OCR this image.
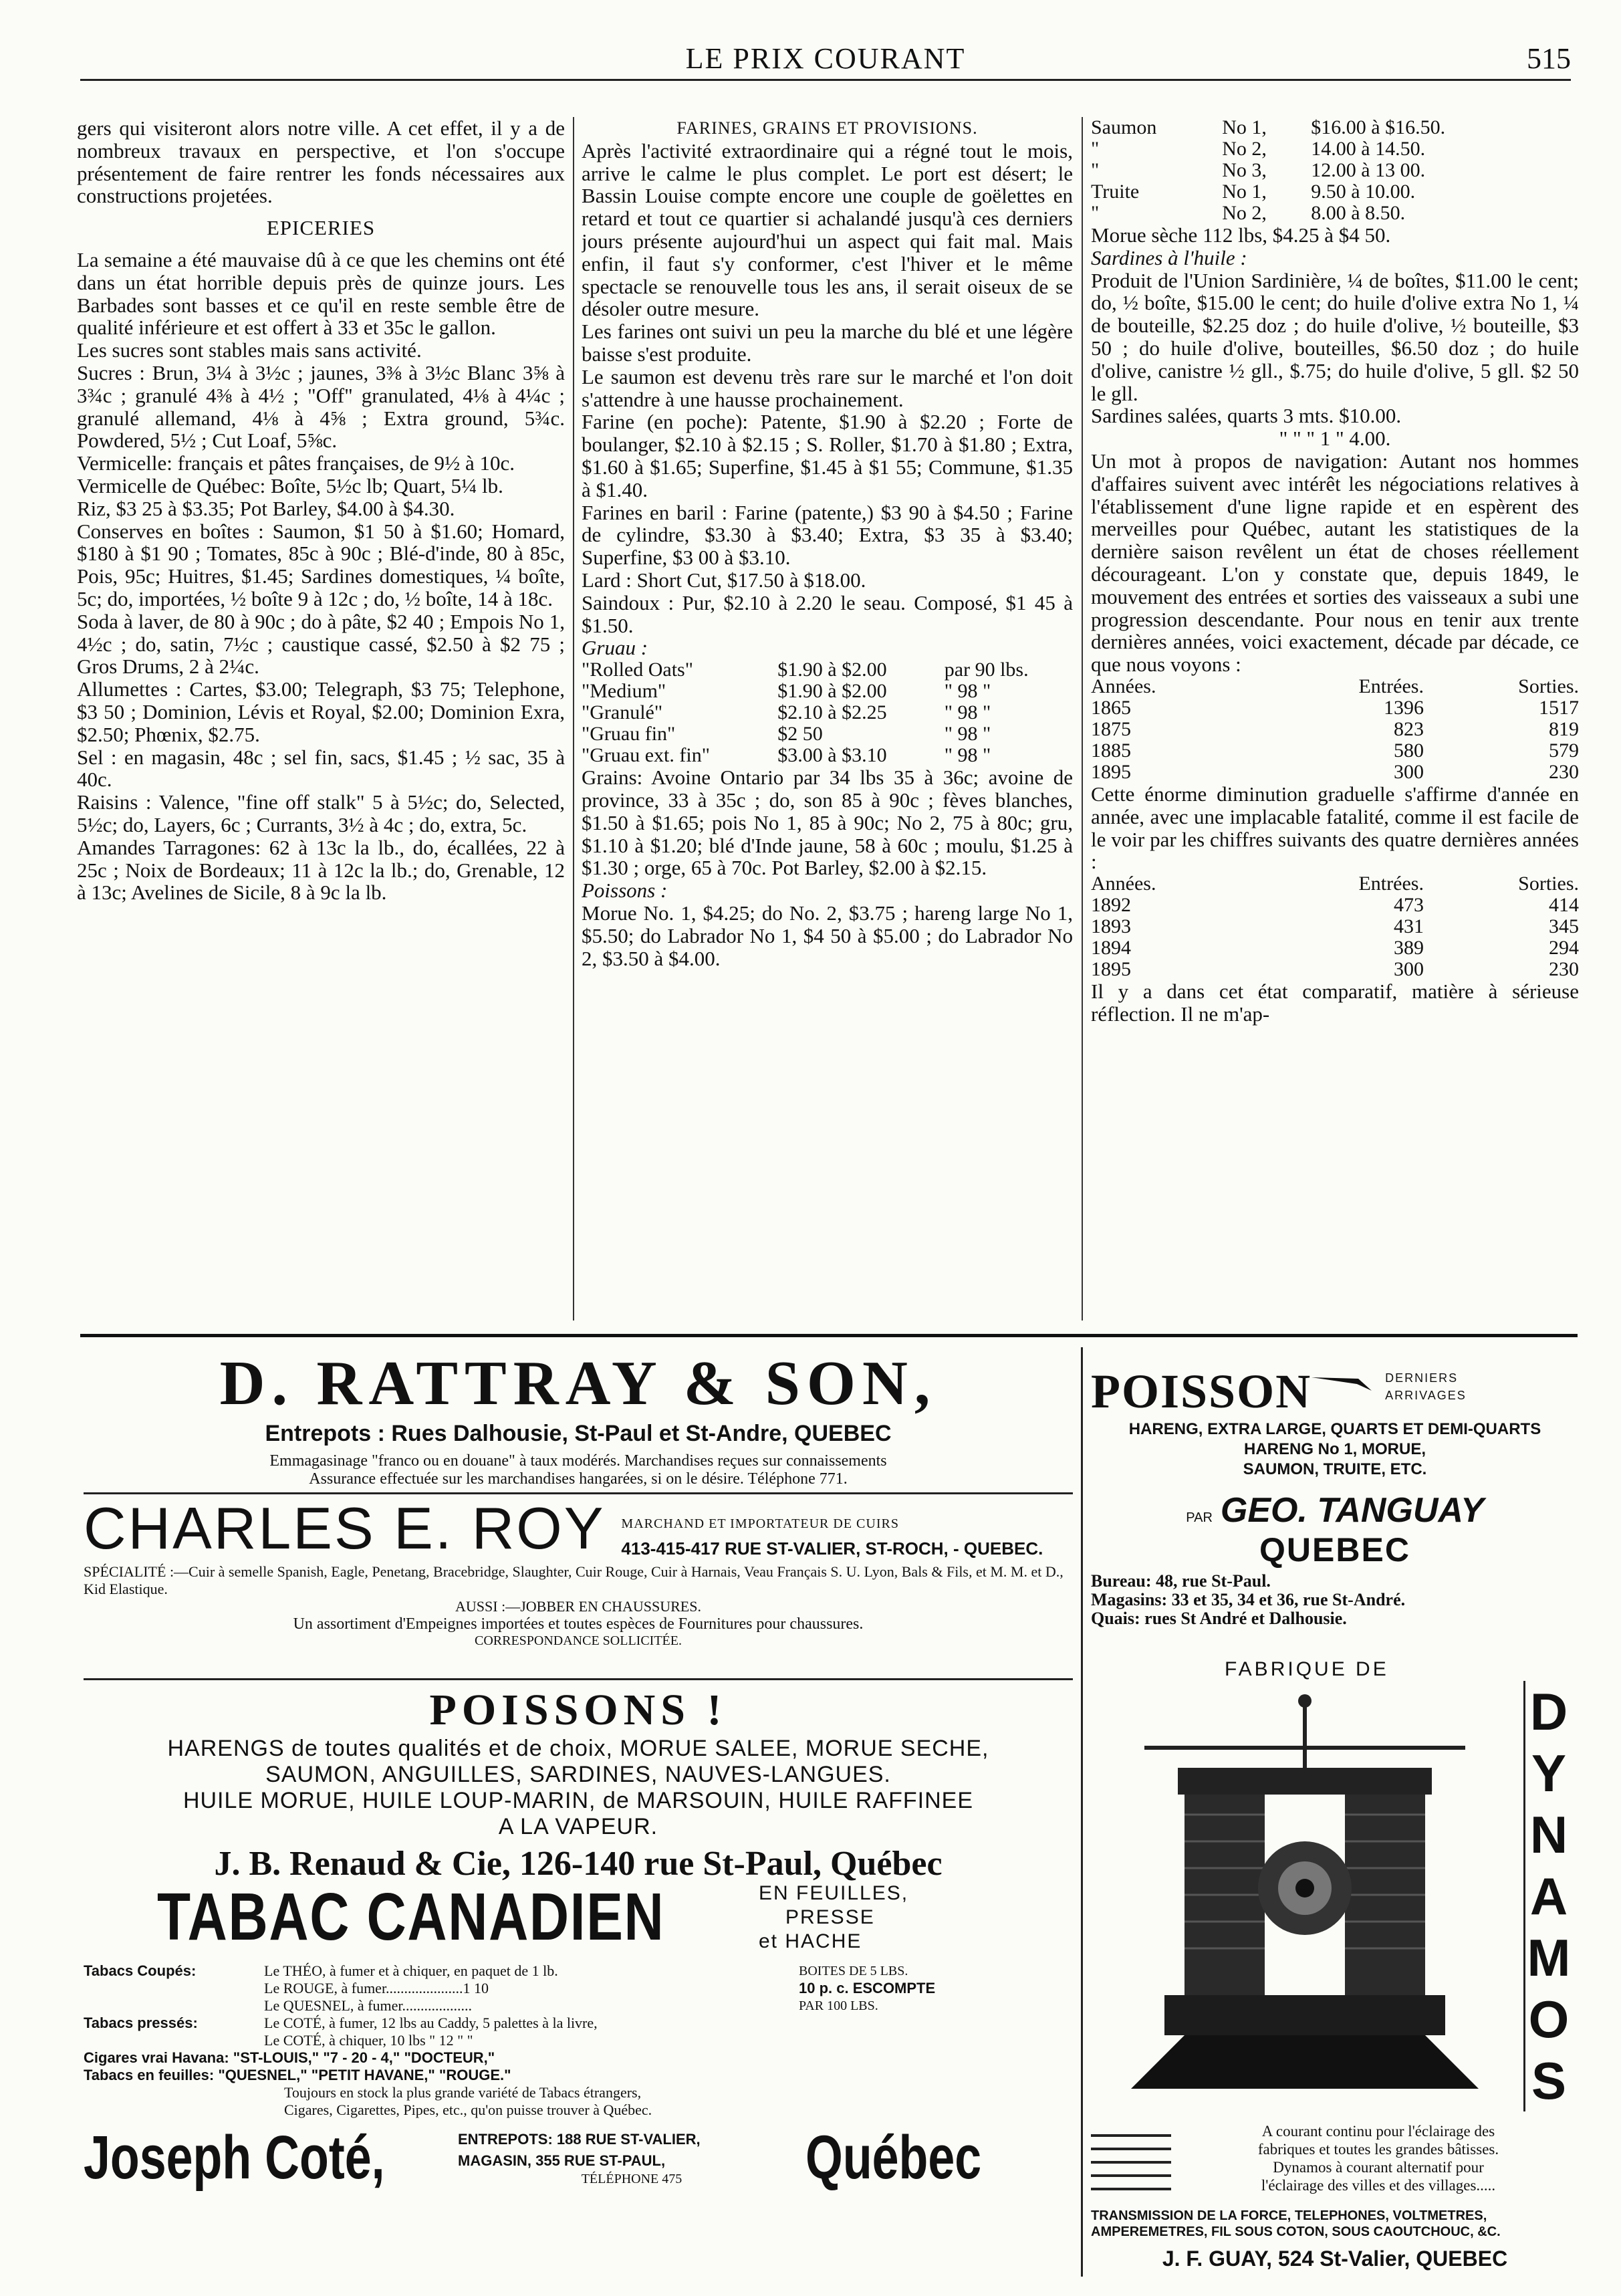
LE PRIX COURANT	515

gers qui visiteront alors notre ville. A cet effet, il y a de nombreux travaux en perspective, et l'on s'occupe présentement de faire rentrer les fonds nécessaires aux constructions projetées.

EPICERIES

La semaine a été mauvaise dû à ce que les chemins ont été dans un état horrible depuis près de quinze jours. Les Barbades sont basses et ce qu'il en reste semble être de qualité inférieure et est offert à 33 et 35c le gallon.

Les sucres sont stables mais sans activité.

Sucres : Brun, 3¼ à 3½c ; jaunes, 3⅜ à 3½c Blanc 3⅝ à 3¾c ; granulé 4⅜ à 4½ ; "Off" granulated, 4⅛ à 4¼c ; granulé allemand, 4⅛ à 4⅝ ; Extra ground, 5¾c. Powdered, 5½ ; Cut Loaf, 5⅝c.

Vermicelle: français et pâtes françaises, de 9½ à 10c.

Vermicelle de Québec: Boîte, 5½c lb; Quart, 5¼ lb.

Riz, $3 25 à $3.35; Pot Barley, $4.00 à $4.30.

Conserves en boîtes : Saumon, $1 50 à $1.60; Homard, $180 à $1 90 ; Tomates, 85c à 90c ; Blé-d'inde, 80 à 85c, Pois, 95c; Huitres, $1.45; Sardines domestiques, ¼ boîte, 5c; do, importées, ½ boîte 9 à 12c ; do, ½ boîte, 14 à 18c.

Soda à laver, de 80 à 90c ; do à pâte, $2 40 ; Empois No 1, 4½c ; do, satin, 7½c ; caustique cassé, $2.50 à $2 75 ; Gros Drums, 2 à 2¼c.

Allumettes : Cartes, $3.00; Telegraph, $3 75; Telephone, $3 50 ; Dominion, Lévis et Royal, $2.00; Dominion Exra, $2.50; Phœnix, $2.75.

Sel : en magasin, 48c ; sel fin, sacs, $1.45 ; ½ sac, 35 à 40c.

Raisins : Valence, "fine off stalk" 5 à 5½c; do, Selected, 5½c; do, Layers, 6c ; Currants, 3½ à 4c ; do, extra, 5c.

Amandes Tarragones: 62 à 13c la lb., do, écallées, 22 à 25c ; Noix de Bordeaux; 11 à 12c la lb.; do, Grenable, 12 à 13c; Avelines de Sicile, 8 à 9c la lb.

FARINES, GRAINS ET PROVISIONS.

Après l'activité extraordinaire qui a régné tout le mois, arrive le calme le plus complet. Le port est désert; le Bassin Louise compte encore une couple de goëlettes en retard et tout ce quartier si achalandé jusqu'à ces derniers jours présente aujourd'hui un aspect qui fait mal. Mais enfin, il faut s'y conformer, c'est l'hiver et le même spectacle se renouvelle tous les ans, il serait oiseux de se désoler outre mesure.

Les farines ont suivi un peu la marche du blé et une légère baisse s'est produite.

Le saumon est devenu très rare sur le marché et l'on doit s'attendre à une hausse prochainement.

Farine (en poche): Patente, $1.90 à $2.20 ; Forte de boulanger, $2.10 à $2.15 ; S. Roller, $1.70 à $1.80 ; Extra, $1.60 à $1.65; Superfine, $1.45 à $1 55; Commune, $1.35 à $1.40.

Farines en baril : Farine (patente,) $3 90 à $4.50 ; Farine de cylindre, $3.30 à $3.40; Extra, $3 35 à $3.40; Superfine, $3 00 à $3.10.

Lard : Short Cut, $17.50 à $18.00.

Saindoux : Pur, $2.10 à 2.20 le seau. Composé, $1 45 à $1.50.

Gruau :

"Rolled Oats"	$1.90 à $2.00	par 90 lbs.
"Medium"	$1.90 à $2.00	" 98 "
"Granulé"	$2.10 à $2.25	" 98 "
"Gruau fin"	$2 50	" 98 "
"Gruau ext. fin"	$3.00 à $3.10	" 98 "

Grains: Avoine Ontario par 34 lbs 35 à 36c; avoine de province, 33 à 35c ; do, son 85 à 90c ; fèves blanches, $1.50 à $1.65; pois No 1, 85 à 90c; No 2, 75 à 80c; gru, $1.10 à $1.20; blé d'Inde jaune, 58 à 60c ; moulu, $1.25 à $1.30 ; orge, 65 à 70c. Pot Barley, $2.00 à $2.15.

Poissons :

Morue No. 1, $4.25; do No. 2, $3.75 ; hareng large No 1, $5.50; do Labrador No 1, $4 50 à $5.00 ; do Labrador No 2, $3.50 à $4.00.

Saumon	No 1,	$16.00 à $16.50.
"	No 2,	14.00 à 14.50.
"	No 3,	12.00 à 13 00.
Truite	No 1,	9.50 à 10.00.
"	No 2,	8.00 à 8.50.

Morue sèche 112 lbs, $4.25 à $4 50.

Sardines à l'huile :

Produit de l'Union Sardinière, ¼ de boîtes, $11.00 le cent; do, ½ boîte, $15.00 le cent; do huile d'olive extra No 1, ¼ de bouteille, $2.25 doz ; do huile d'olive, ½ bouteille, $3 50 ; do huile d'olive, bouteilles, $6.50 doz ; do huile d'olive, canistre ½ gll., $.75; do huile d'olive, 5 gll. $2 50 le gll.

Sardines salées, quarts 3 mts. $10.00.

" " " 1 " 4.00.

Un mot à propos de navigation: Autant nos hommes d'affaires suivent avec intérêt les négociations relatives à l'établissement d'une ligne rapide et en espèrent des merveilles pour Québec, autant les statistiques de la dernière saison revêlent un état de choses réellement décourageant. L'on y constate que, depuis 1849, le mouvement des entrées et sorties des vaisseaux a subi une progression descendante. Pour nous en tenir aux trente dernières années, voici exactement, décade par décade, ce que nous voyons :

Années.	Entrées.	Sorties.
1865	1396	1517
1875	823	819
1885	580	579
1895	300	230

Cette énorme diminution graduelle s'affirme d'année en année, avec une implacable fatalité, comme il est facile de le voir par les chiffres suivants des quatre dernières années :

Années.	Entrées.	Sorties.
1892	473	414
1893	431	345
1894	389	294
1895	300	230

Il y a dans cet état comparatif, matière à sérieuse réflection. Il ne m'ap-

D. RATTRAY & SON,
Entrepots : Rues Dalhousie, St-Paul et St-Andre, QUEBEC
Emmagasinage "franco ou en douane" à taux modérés. Marchandises reçues sur connaissements
Assurance effectuée sur les marchandises hangarées, si on le désire. Téléphone 771.
CHARLES E. ROY MARCHAND ET IMPORTATEUR DE CUIRS
413-415-417 RUE ST-VALIER, ST-ROCH, - QUEBEC.
SPÉCIALITÉ :—Cuir à semelle Spanish, Eagle, Penetang, Bracebridge, Slaughter, Cuir Rouge, Cuir à Harnais, Veau Français S. U. Lyon, Bals & Fils, et M. M. et D., Kid Elastique.
AUSSI :—JOBBER EN CHAUSSURES.
Un assortiment d'Empeignes importées et toutes espèces de Fournitures pour chaussures.
CORRESPONDANCE SOLLICITÉE.
POISSONS !
HARENGS de toutes qualités et de choix, MORUE SALEE, MORUE SECHE,
SAUMON, ANGUILLES, SARDINES, NAUVES-LANGUES.
HUILE MORUE, HUILE LOUP-MARIN, de MARSOUIN, HUILE RAFFINEE
A LA VAPEUR.
J. B. Renaud & Cie, 126-140 rue St-Paul, Québec
TABAC CANADIEN	EN FEUILLES,
PRESSE
et HACHE
Tabacs Coupés:	Le THÉO, à fumer et à chiquer, en paquet de 1 lb.
Le ROUGE, à fumer.....................1 10
Le QUESNEL, à fumer...................
BOITES DE 5 LBS.
10 p. c. ESCOMPTE
PAR 100 LBS.
Tabacs pressés:	Le COTÉ, à fumer, 12 lbs au Caddy, 5 palettes à la livre,
Le COTÉ, à chiquer, 10 lbs " 12 " "
Cigares vrai Havana: "ST-LOUIS," "7 - 20 - 4," "DOCTEUR,"
Tabacs en feuilles: "QUESNEL," "PETIT HAVANE," "ROUGE."
Toujours en stock la plus grande variété de Tabacs étrangers,
Cigares, Cigarettes, Pipes, etc., qu'on puisse trouver à Québec.
Joseph Coté,	ENTREPOTS: 188 RUE ST-VALIER,
MAGASIN, 355 RUE ST-PAUL,
TÉLÉPHONE 475	Québec
POISSON	DERNIERS
ARRIVAGES
HARENG, EXTRA LARGE, QUARTS ET DEMI-QUARTS
HARENG No 1, MORUE,
SAUMON, TRUITE, ETC.
PAR GEO. TANGUAY
QUEBEC
Bureau: 48, rue St-Paul.
Magasins: 33 et 35, 34 et 36, rue St-André.
Quais: rues St André et Dalhousie.
FABRIQUE DE
D
Y
N
A
M
O
S
A courant continu pour l'éclairage des
fabriques et toutes les grandes bâtisses.
Dynamos à courant alternatif pour
l'éclairage des villes et des villages.....
TRANSMISSION DE LA FORCE, TELEPHONES, VOLTMETRES,
AMPEREMETRES, FIL SOUS COTON, SOUS CAOUTCHOUC, &C.
J. F. GUAY, 524 St-Valier, QUEBEC
